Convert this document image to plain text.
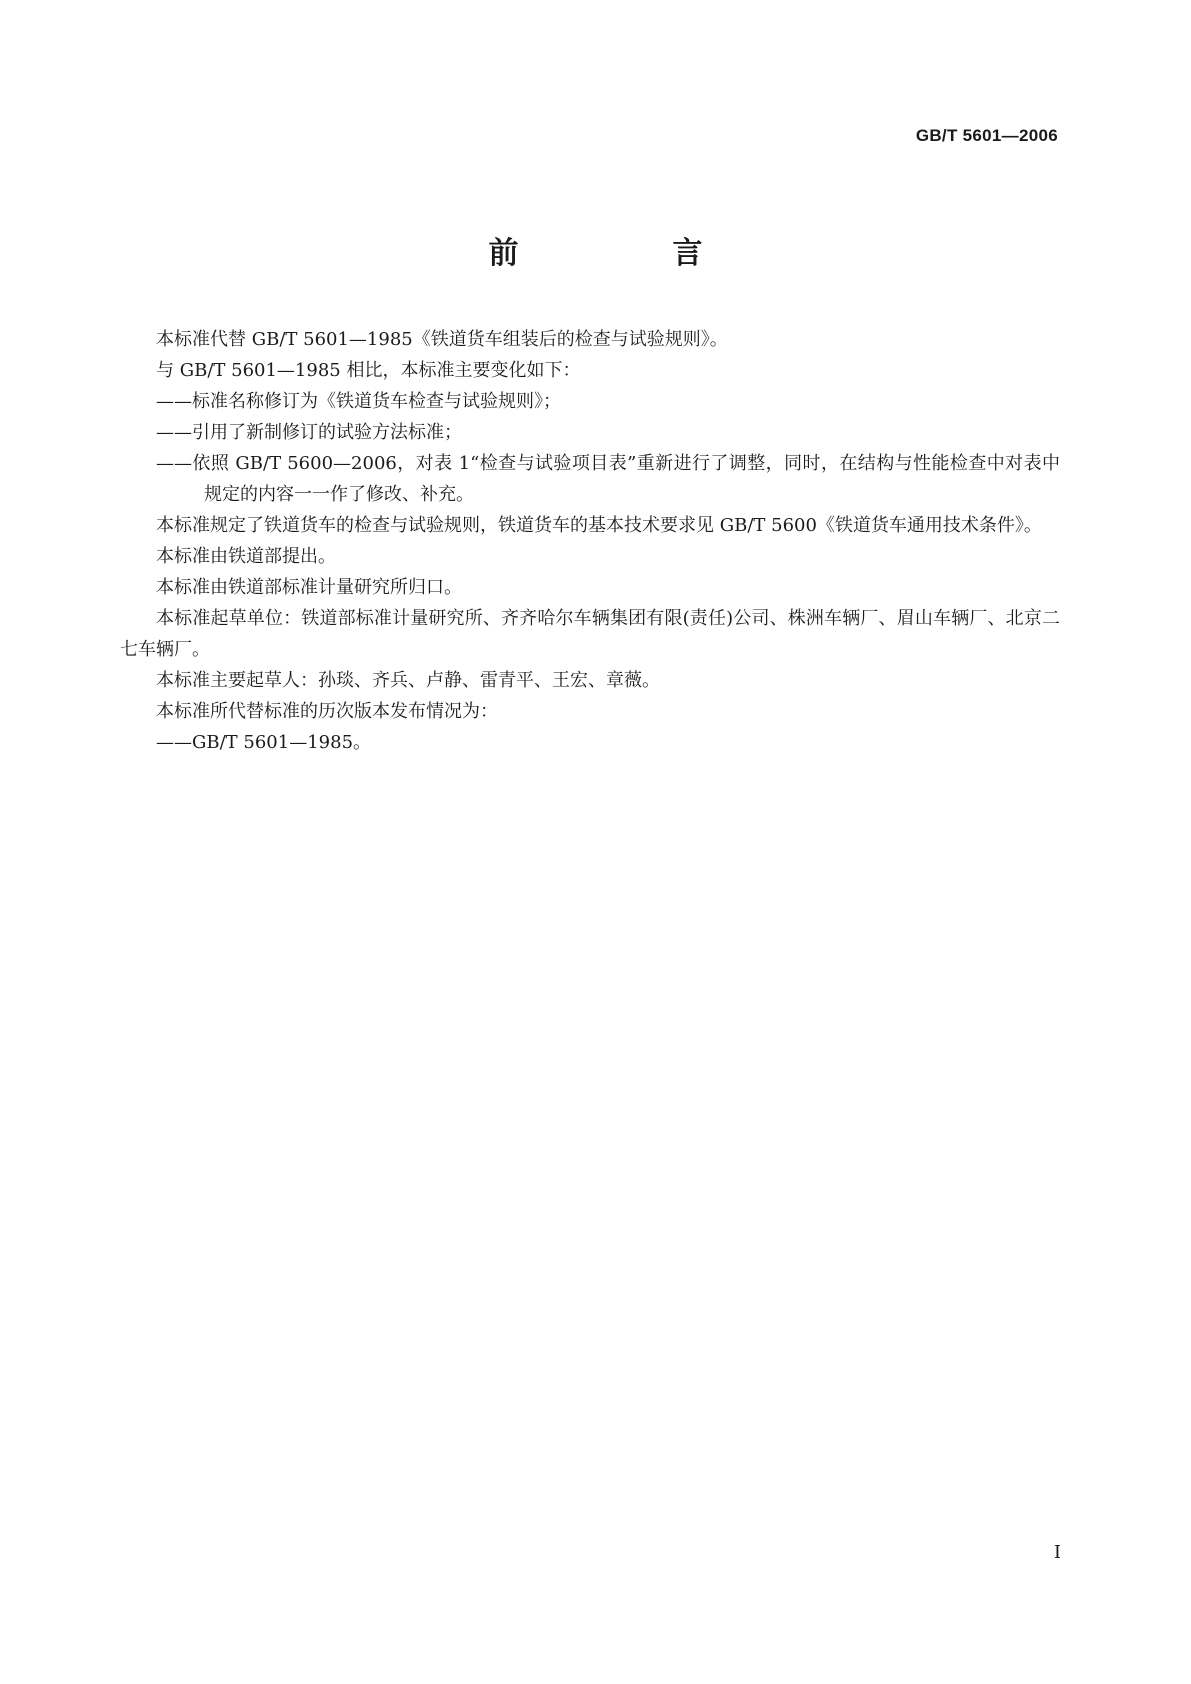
GB/T 5601—2006
前　言

本标准代替 GB/T 5601—1985《铁道货车组装后的检查与试验规则》。

与 GB/T 5601—1985 相比，本标准主要变化如下：

——标准名称修订为《铁道货车检查与试验规则》；

——引用了新制修订的试验方法标准；

——依照 GB/T 5600—2006，对表 1“检查与试验项目表”重新进行了调整，同时，在结构与性能检查中对表中规定的内容一一作了修改、补充。

本标准规定了铁道货车的检查与试验规则，铁道货车的基本技术要求见 GB/T 5600《铁道货车通用技术条件》。

本标准由铁道部提出。

本标准由铁道部标准计量研究所归口。

本标准起草单位：铁道部标准计量研究所、齐齐哈尔车辆集团有限(责任)公司、株洲车辆厂、眉山车辆厂、北京二七车辆厂。

本标准主要起草人：孙琰、齐兵、卢静、雷青平、王宏、章薇。

本标准所代替标准的历次版本发布情况为：

——GB/T 5601—1985。

I
